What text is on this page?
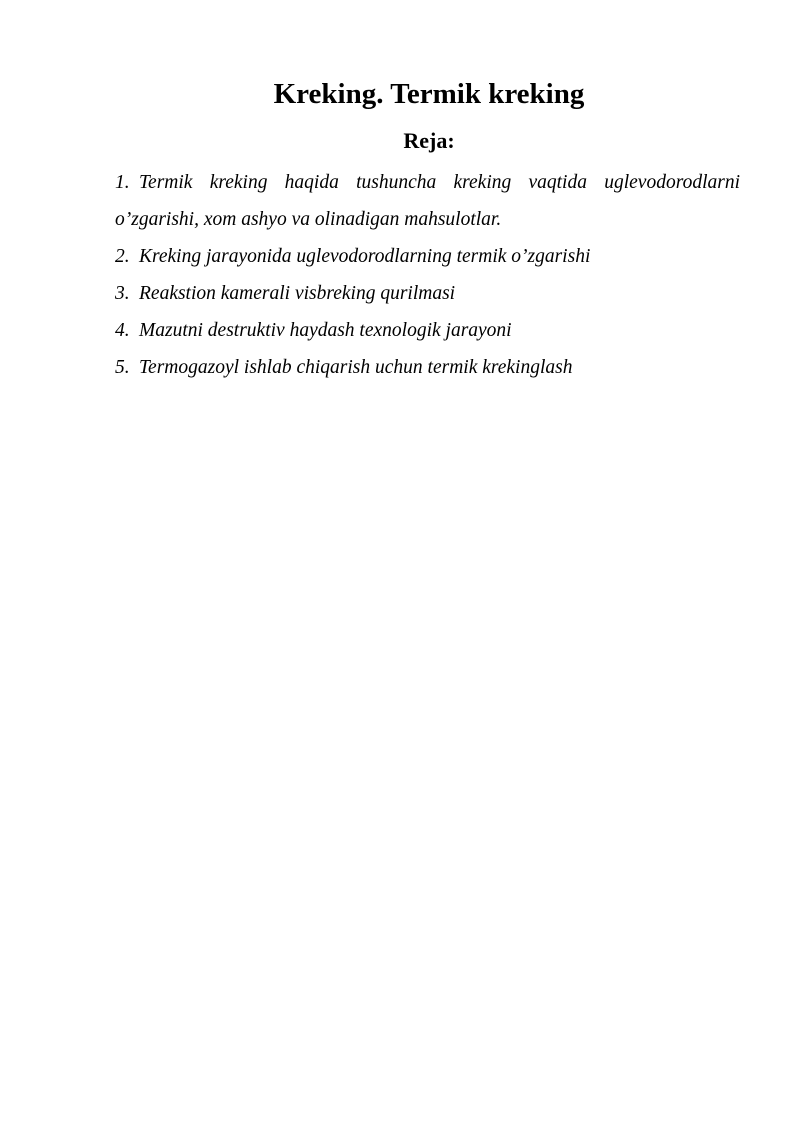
Kreking. Termik kreking
Reja:
1. Termik kreking haqida tushuncha kreking vaqtida uglevodorodlarni o’zgarishi, xom ashyo va olinadigan mahsulotlar.
2. Kreking jarayonida uglevodorodlarning termik o’zgarishi
3. Reakstion kamerali visbreking qurilmasi
4. Mazutni destruktiv haydash texnologik jarayoni
5. Termogazoyl ishlab chiqarish uchun termik krekinglash
